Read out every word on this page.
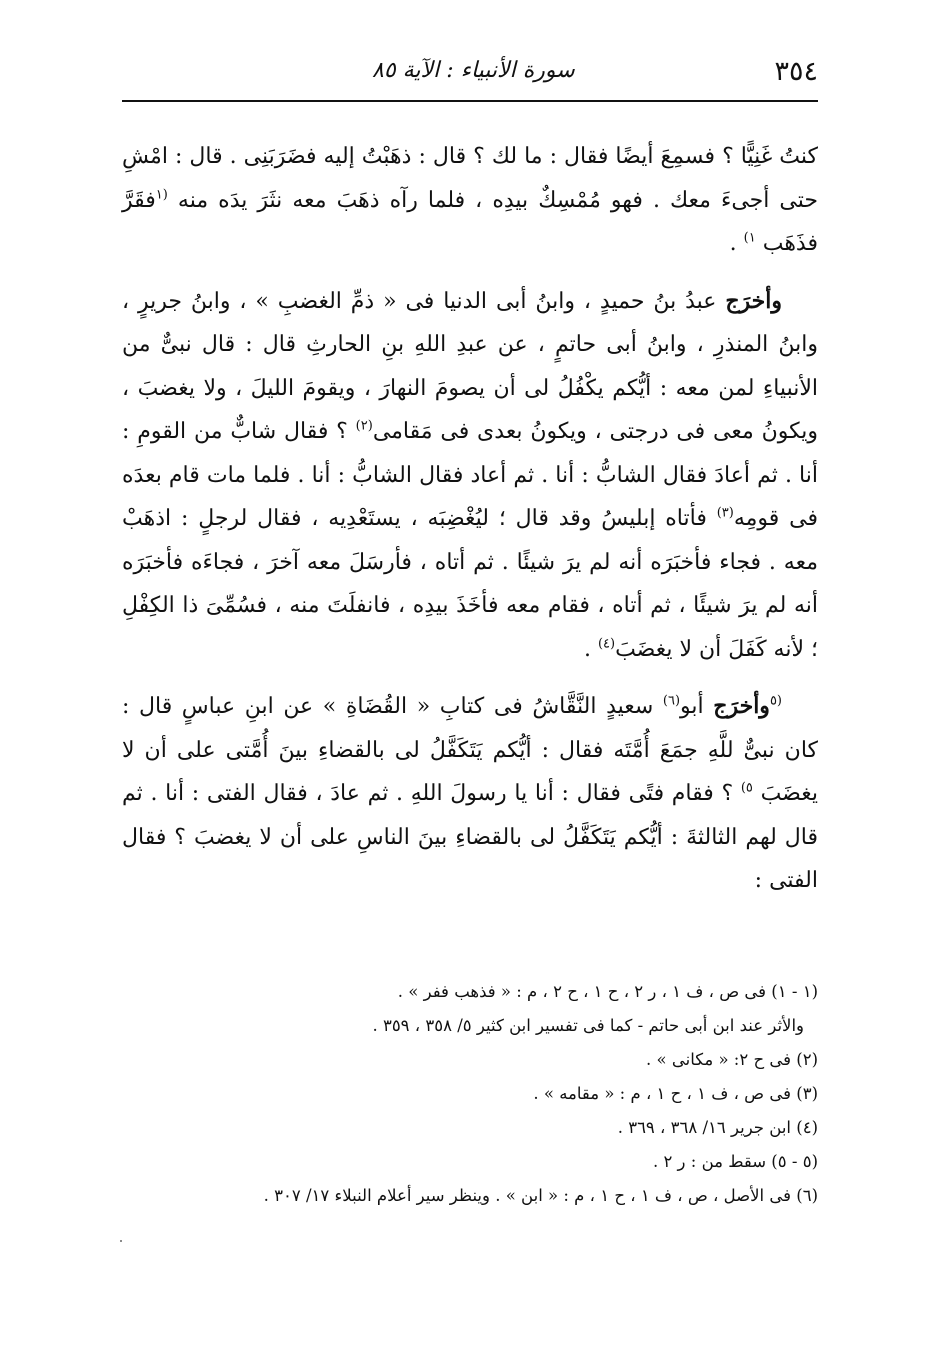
٣٥٤
سورة الأنبياء : الآية ٨٥

كنتُ غَنِيًّا ؟ فسمِعَ أيضًا فقال : ما لك ؟ قال : ذهَبْتُ إليه فضَرَبَنِى . قال : امْشِ حتى أجىءَ معك . فهو مُمْسِكٌ بيدِه ، فلما رآه ذهَبَ معه نثَرَ يدَه منه $^{(١}$فقَرَّ فذَهَب $^{١)}$ .

وأخرَج عبدُ بنُ حميدٍ ، وابنُ أبى الدنيا فى « ذمِّ الغضبِ » ، وابنُ جريرٍ ، وابنُ المنذرِ ، وابنُ أبى حاتمٍ ، عن عبدِ اللهِ بنِ الحارثِ قال : قال نبىٌّ من الأنبياءِ لمن معه : أيُّكم يكْفُلُ لى أن يصومَ النهارَ ، ويقومَ الليلَ ، ولا يغضبَ ، ويكونُ معى فى درجتى ، ويكونُ بعدى فى مَقامى$^{(٢)}$ ؟ فقال شابٌّ من القومِ : أنا . ثم أعادَ فقال الشابُّ : أنا . ثم أعاد فقال الشابُّ : أنا . فلما مات قام بعدَه فى قومِه$^{(٣)}$ فأتاه إبليسُ وقد قال ؛ ليُغْضِبَه ، يستَعْدِيه ، فقال لرجلٍ : اذهَبْ معه . فجاء فأخبَرَه أنه لم يرَ شيئًا . ثم أتاه ، فأرسَلَ معه آخرَ ، فجاءَه فأخبَرَه أنه لم يرَ شيئًا ، ثم أتاه ، فقام معه فأخَذَ بيدِه ، فانفلَتَ منه ، فسُمِّىَ ذا الكِفْلِ ؛ لأنه كَفَلَ أن لا يغضَبَ$^{(٤)}$ .

$^{(٥}$وأخرَج أبو$^{(٦)}$ سعيدٍ النَّقَّاشُ فى كتابِ « القُضَاةِ » عن ابنِ عباسٍ قال : كان نبىٌّ للَّهِ جمَعَ أُمَّتَه فقال : أيُّكم يَتَكَفَّلُ لى بالقضاءِ بينَ أُمَّتى على أن لا يغضَبَ $^{٥)}$ ؟ فقام فتًى فقال : أنا يا رسولَ اللهِ . ثم عادَ ، فقال الفتى : أنا . ثم قال لهم الثالثةَ : أيُّكم يَتَكَفَّلُ لى بالقضاءِ بينَ الناسِ على أن لا يغضبَ ؟ فقال الفتى :

(١ - ١) فى ص ، ف ١ ، ر ٢ ، ح ١ ، ح ٢ ، م : « فذهب ففر » .

والأثر عند ابن أبى حاتم - كما فى تفسير ابن كثير ٥/ ٣٥٨ ، ٣٥٩ .

(٢) فى ح ٢: « مكانى » .

(٣) فى ص ، ف ١ ، ح ١ ، م : « مقامه » .

(٤) ابن جرير ١٦/ ٣٦٨ ، ٣٦٩ .

(٥ - ٥) سقط من : ر ٢ .

(٦) فى الأصل ، ص ، ف ١ ، ح ١ ، م : « ابن » . وينظر سير أعلام النبلاء ١٧/ ٣٠٧ .
